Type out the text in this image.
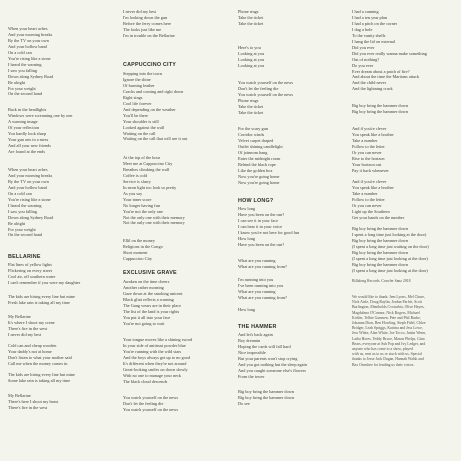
When your heart aches
And your morning breaks
By the TV on your own
And your hollow band
On a cold can
You're rising like a stone
I heard the warning
I saw you falling
Down along Sydney Road
Be alright
For your weight
On the second hand
Back in the headlights
Windows were screaming one by one
A warning image
Of your reflection
You hardly look sharp
Your gun arts in a mess
And all your new friends
Are found at the ends
When your heart aches
And your morning breaks
By the TV on your own
And your hollow band
On a cold can
You're rising like a stone
I heard the warning
I saw you falling
Down along Sydney Road
Be alright
For your weight
On the second hand
BELLARINE
Flat lines of yellow lights
Flickering on every street
Cool air, off southern water
I can't remember if you were my daughter
The kids are hiring every line but mine
Fresh lake rain is taking all my time
My Bellarine
It's where I shoot my scene
There's fire in the west
I never did my best
Cold can and cheap wooden
Your daddy's not at home
Don't listen to what your mother said
Call me when the money comes in
The kids are hiring every line but mine
Some lake rain is taking all my time
My Bellarine
There's here I shoot my beast
There's fire in the west
I never did my best
I'm looking down the gun
Before the ferry comes here
The looks just like me
I'm in trouble on the Bellarine
CAPPUCCINO CITY
Stepping into the town
Ignore the shine
Of burning leather
Cracks and coming and right down
Right sings
Cool life forever
And depending on the weather
You'll be there
Your shoulder is still
Looked against the wall
Waiting on the call
Waiting on the call that will see it out
At the top of the hour
Meet me at Cappuccino City
Breathes climbing the wall
Coffee is cold
Service is slurry
In neon light too look so pretty
As you say
Your inner score
No longer having fun
You're not the only one
Not the only one with their memory
Not the only one with their memory
Ellil on the money
Religions in the Congo
Short moment
Cappuccino City
EXCLUSIVE GRAVE
Awaken on the time cheers
Another rather morning
Gaze down at the smoking unicent
Black glint reflects a warning
The Gang wears are in their place
The list of the land is your rights
You put it all into your face
You're not going to wait
Your tongue moves like a shining sword
In your side of antitrust powder blue
You're running with the wild stars
And the boys always get up to no good
It's different when they're not around
Great-looking smiles on down slowly
With no one to manage your neck
The black cloud descends
You watch yourself on the news
Don't let the feeling die
You watch yourself on the news
Phone rings
Take the ticket
Take the ticket
Here's to you
Looking at you
Looking at you
Looking at you
You watch yourself on the news
Don't let the feeling die
You watch yourself on the news
Phone rings
Take the ticket
Take the ticket
For the scary gun
Corridor winds
Velvet carpet draped
Outlet shining candlelight
Of joinnom hang
Enter the midnight room
Behind the black rope
Like the golden box
Now you're going home
Now you're going home
HOW LONG?
How long
Have you been on the run?
I can see it in your face
I can hear it in your voice
I know you're not here for good fun
How long
Have you been on the run?
What are you running
What are you running from?
I'm running into you
I've been running into you
What are you running
What are you running from?
How long
THE HAMMER
And let's back again
Boy dreamin
Hoping the cards will fall hard
Nice impossible
But your parents won't stop crying
And you got nothing but the sleep again
And you caught someone else's flowers
From the tower
Big boy bring the hammer down
Big boy bring the hammer down
Do see
I had a cunning
I had a ten year plan
I had a pitch on the corner
I dug a hole
To the vanity shells
I hang the lid on external
Did you ever
Did you ever really wanna make something
Out of nothing?
Do you ever
Ever dream about a patch of fire?
And about the time the Martians attack
And the child never
And the lightning crack
Big boy bring the hammer down
Big boy bring the hammer down
And if you're clever
You speak like a brother
Take a number
Follow to the letter
Or you can never
Rise to the horizon
Your horizon out
Pay it back whenever
And if you're clever
You speak like a brother
Take a number
Follow to the letter
Or you can never
Light up the Southern
Get your hands on the number
Big boy bring the hammer down
I spent a long time just looking at the door)
Big boy bring the hammer down
(I spent a long time just waiting on the door)
Big boy bring the hammer down
(I spent a long time just looking at the door)
Big boy bring the hammer down
(I spent a long time just looking at the door)
Billalong Records. Crawler Sanz 2018
We would like to thank: Jem Lyons, Mel Chure,
Nick Aisle, Doug Baylin, Jordan Parfrit, Scott
Burlington, Mentholds Cvoturbia, Olive Hayes,
Magdalena O'Connor, Nick Rogers, Michael
Kohler, Telbie Gunmen, Pete and Phil Burke,
Johanna Dion, Ben Howling, Steph Fidel, Chloe
Bridger, Leah Spriggs, Katrina and Jess Lowe,
Jess White, Alan White, Joe Tocco, Justin Wenn,
Laiba Hores, Teddy Bruce, Mason Phelps, Gina
Bears, everyone at Sub Pop and Ivy Ledger, and
anyone who has come to a show, played
with us, sent us to us or stuck with us. Special
thanks to Jesse Jack Dugan, Hannah Walsh and
Bax Ormsbee for lending us their voices.
